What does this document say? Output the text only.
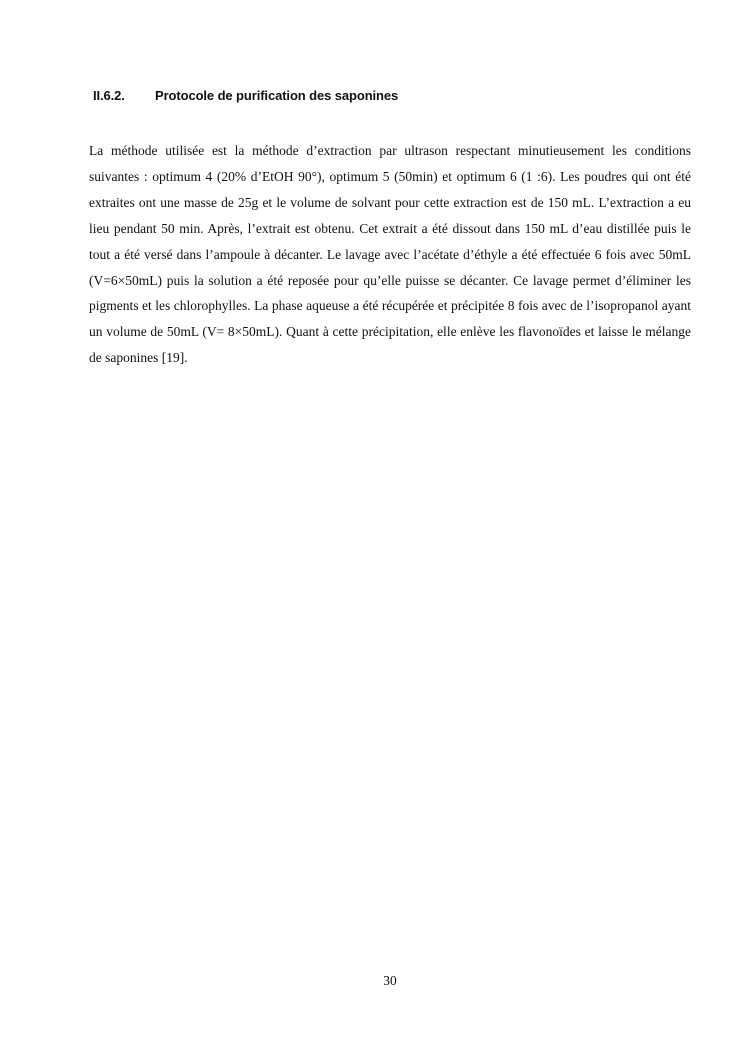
II.6.2. Protocole de purification des saponines

La méthode utilisée est la méthode d’extraction par ultrason respectant minutieusement les conditions suivantes : optimum 4 (20% d’EtOH 90°), optimum 5 (50min) et optimum 6 (1 :6). Les poudres qui ont été extraites ont une masse de 25g et le volume de solvant pour cette extraction est de 150 mL. L’extraction a eu lieu pendant 50 min. Après, l’extrait est obtenu. Cet extrait a été dissout dans 150 mL d’eau distillée puis le tout a été versé dans l’ampoule à décanter. Le lavage avec l’acétate d’éthyle a été effectuée 6 fois avec 50mL (V=6×50mL) puis la solution a été reposée pour qu’elle puisse se décanter. Ce lavage permet d’éliminer les pigments et les chlorophylles. La phase aqueuse a été récupérée et précipitée 8 fois avec de l’isopropanol ayant un volume de 50mL (V= 8×50mL). Quant à cette précipitation, elle enlève les flavonoïdes et laisse le mélange de saponines [19].

30
